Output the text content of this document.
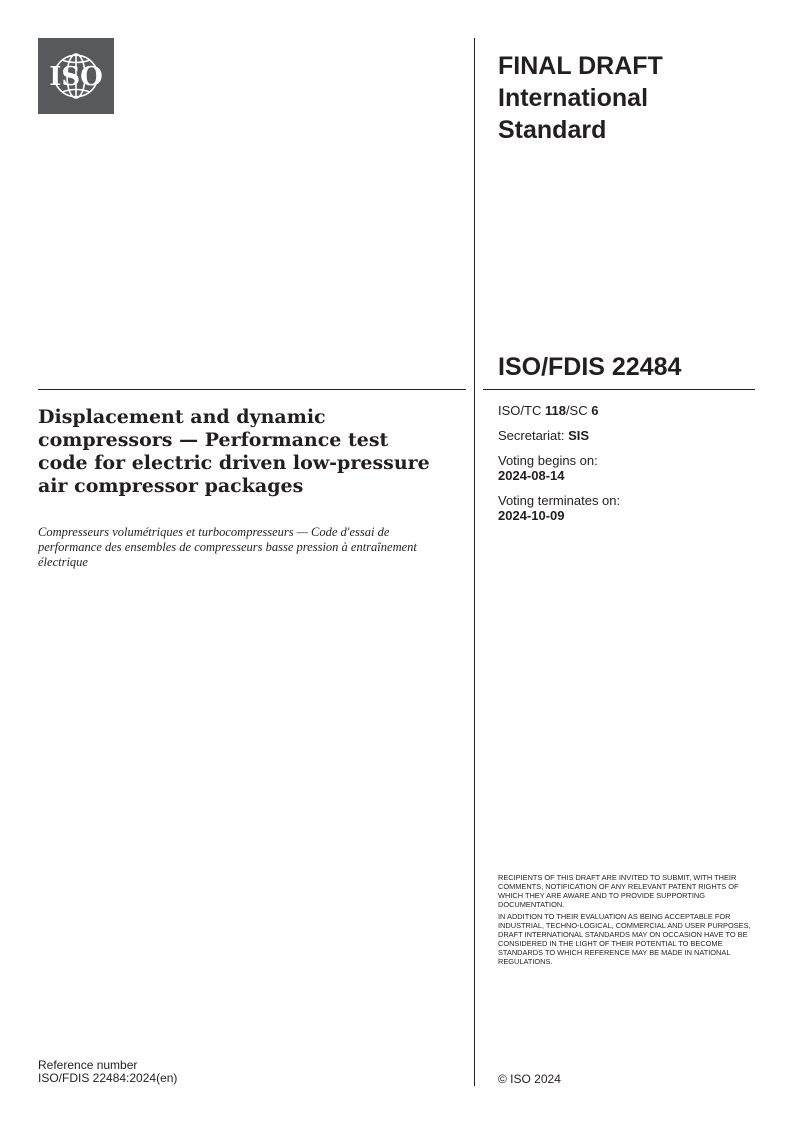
ISO	FINAL DRAFT
International
Standard
ISO/FDIS 22484
ISO/TC 118/SC 6
Secretariat: SIS
Voting begins on:
2024-08-14
Voting terminates on:
2024-10-09
Displacement and dynamic compressors — Performance test code for electric driven low-pressure air compressor packages
Compresseurs volumétriques et turbocompresseurs — Code d'essai de performance des ensembles de compresseurs basse pression à entraînement électrique
RECIPIENTS OF THIS DRAFT ARE INVITED TO SUBMIT, WITH THEIR COMMENTS, NOTIFICATION OF ANY RELEVANT PATENT RIGHTS OF WHICH THEY ARE AWARE AND TO PROVIDE SUPPORTING DOCUMENTATION.
IN ADDITION TO THEIR EVALUATION AS BEING ACCEPTABLE FOR INDUSTRIAL, TECHNO-LOGICAL, COMMERCIAL AND USER PURPOSES, DRAFT INTERNATIONAL STANDARDS MAY ON OCCASION HAVE TO BE CONSIDERED IN THE LIGHT OF THEIR POTENTIAL TO BECOME STANDARDS TO WHICH REFERENCE MAY BE MADE IN NATIONAL REGULATIONS.
Reference number
ISO/FDIS 22484:2024(en)	© ISO 2024
